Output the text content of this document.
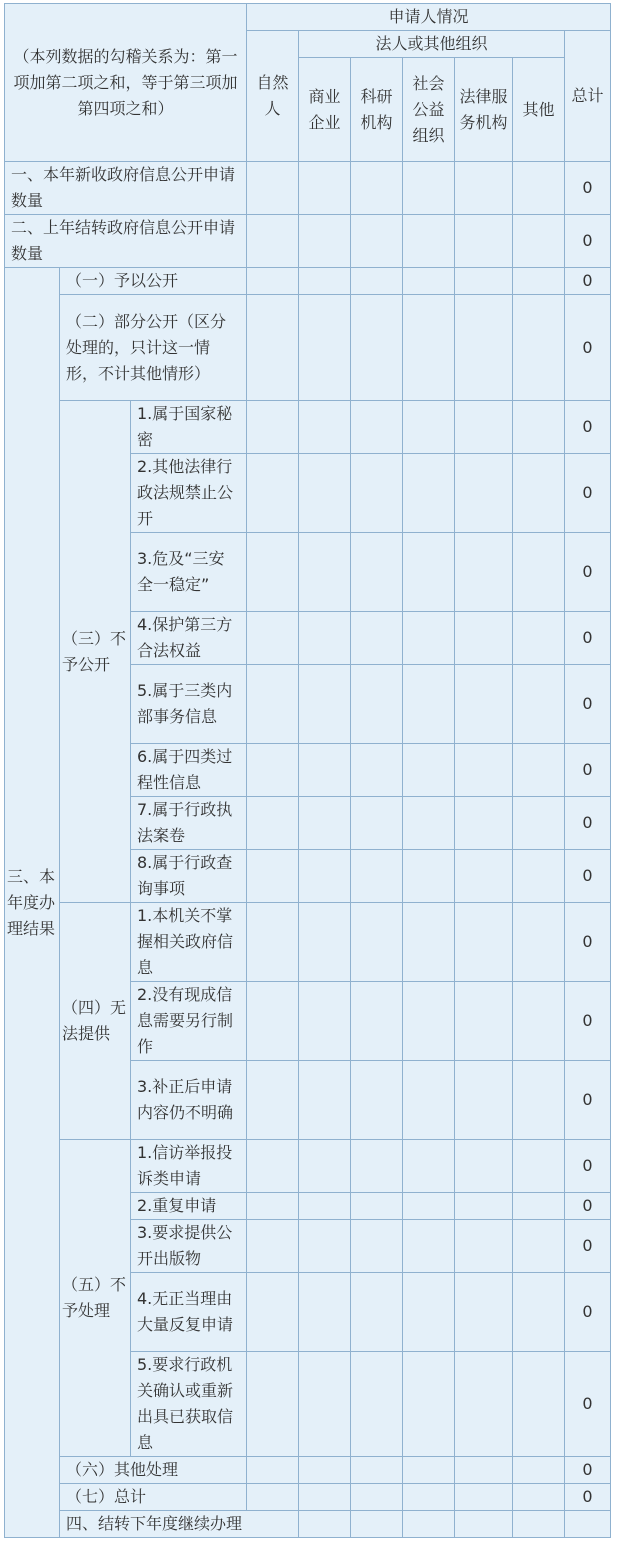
（本列数据的勾稽关系为：第一项加第二项之和，等于第三项加第四项之和）			申请人情况							
			自然人	法人或其他组织					总计	
				商业企业	科研机构	社会公益组织	法律服务机构	其他		
一、本年新收政府信息公开申请数量									0	
二、上年结转政府信息公开申请数量									0	
三、本年度办理结果	（一）予以公开								0	
	（二）部分公开（区分处理的，只计这一情形，不计其他情形）								0	
	（三）不予公开	1.属于国家秘密							0	
		2.其他法律行政法规禁止公开							0	
		3.危及“三安全一稳定”							0	
		4.保护第三方合法权益							0	
		5.属于三类内部事务信息							0	
		6.属于四类过程性信息							0	
		7.属于行政执法案卷							0	
		8.属于行政查询事项							0	
	（四）无法提供	1.本机关不掌握相关政府信息							0	
		2.没有现成信息需要另行制作							0	
		3.补正后申请内容仍不明确							0	
	（五）不予处理	1.信访举报投诉类申请							0	
		2.重复申请							0	
		3.要求提供公开出版物							0	
		4.无正当理由大量反复申请							0	
		5.要求行政机关确认或重新出具已获取信息							0	
	（六）其他处理								0	
	（七）总计								0	
	四、结转下年度继续办理							
